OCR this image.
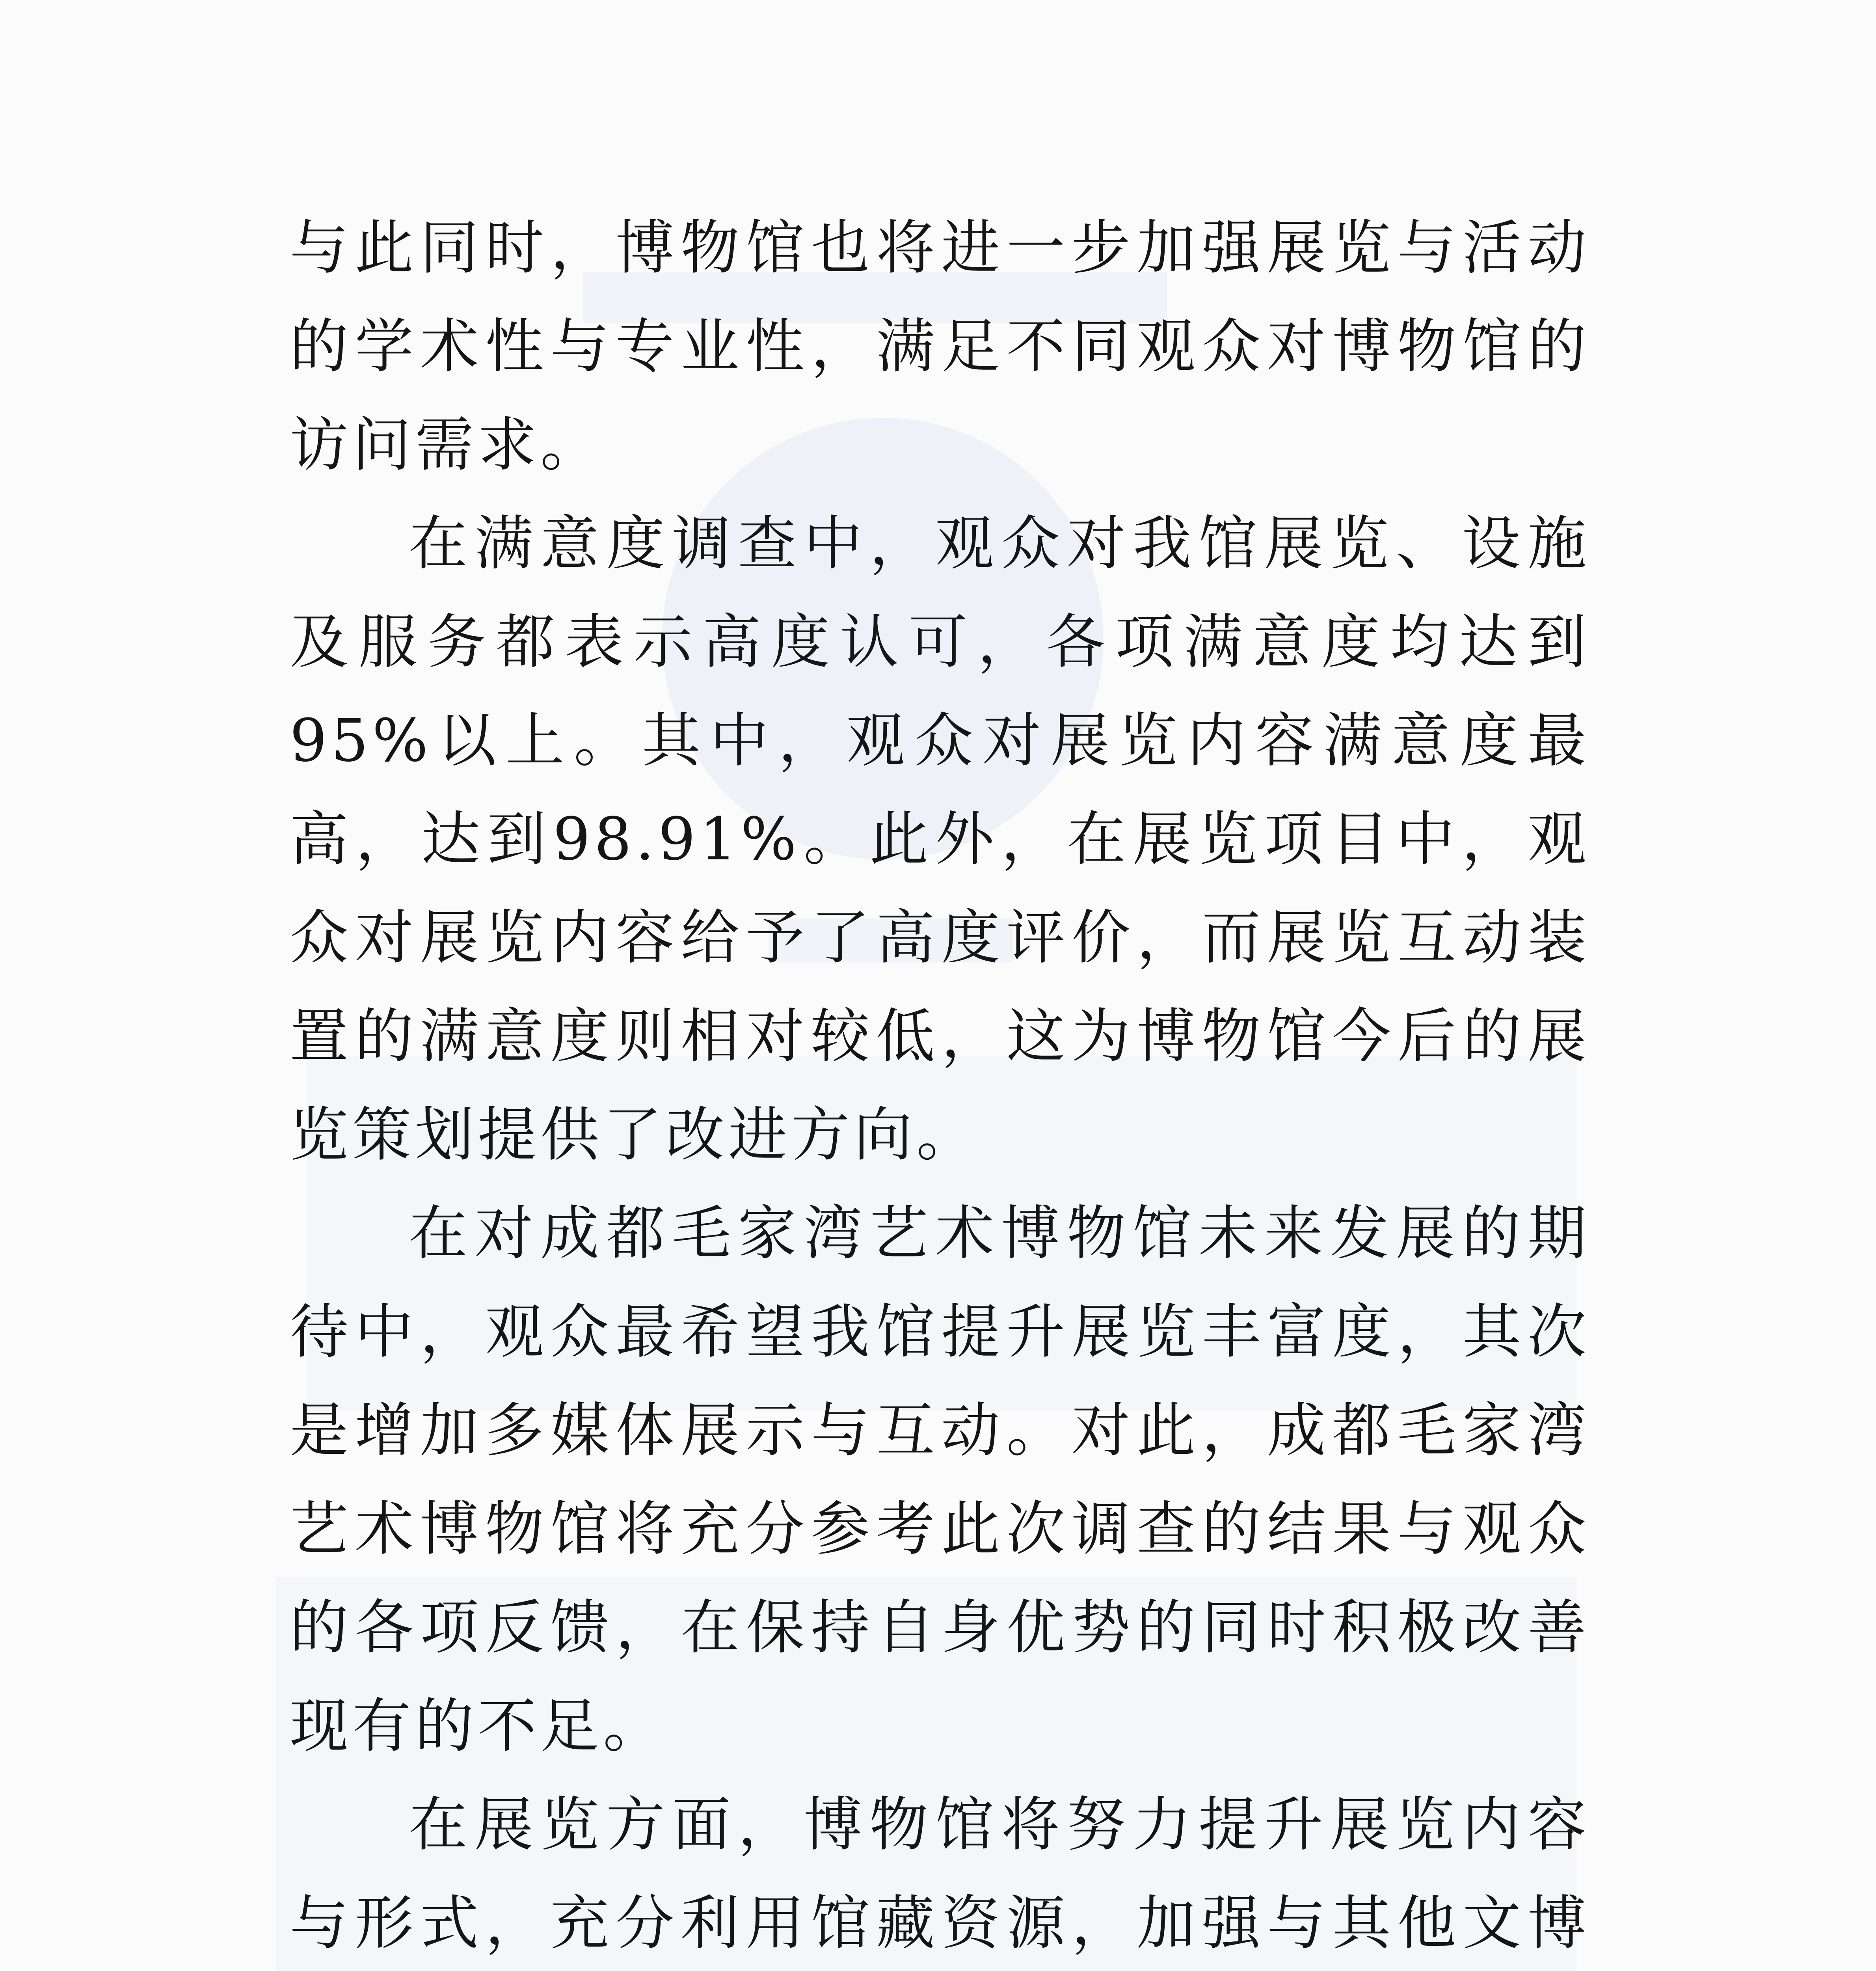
与此同时，博物馆也将进一步加强展览与活动的学术性与专业性，满足不同观众对博物馆的访问需求。

在满意度调查中，观众对我馆展览、设施及服务都表示高度认可，各项满意度均达到95%以上。其中，观众对展览内容满意度最高，达到98.91%。此外，在展览项目中，观众对展览内容给予了高度评价，而展览互动装置的满意度则相对较低，这为博物馆今后的展览策划提供了改进方向。

在对成都毛家湾艺术博物馆未来发展的期待中，观众最希望我馆提升展览丰富度，其次是增加多媒体展示与互动。对此，成都毛家湾艺术博物馆将充分参考此次调查的结果与观众的各项反馈，在保持自身优势的同时积极改善现有的不足。

在展览方面，博物馆将努力提升展览内容与形式，充分利用馆藏资源，加强与其他文博
